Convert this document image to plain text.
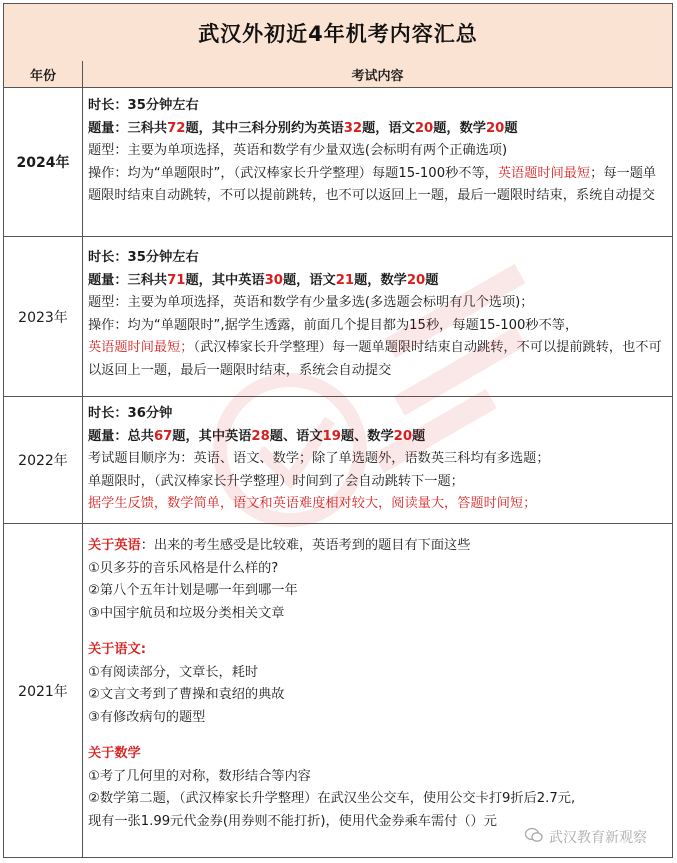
武汉外初近4年机考内容汇总
年份	考试内容
2024年

时长：35分钟左右

题量：三科共72题，其中三科分别约为英语32题，语文20题，数学20题

题型：主要为单项选择，英语和数学有少量双选(会标明有两个正确选项)

操作：均为“单题限时”，（武汉棒家长升学整理）每题15-100秒不等，英语题时间最短；每一题单题限时结束自动跳转，不可以提前跳转，也不可以返回上一题，最后一题限时结束，系统自动提交

2023年

时长：35分钟左右

题量：三科共71题，其中英语30题，语文21题，数学20题

题型：主要为单项选择，英语和数学有少量多选(多选题会标明有几个选项)；

操作：均为“单题限时”,据学生透露，前面几个提目都为15秒，每题15-100秒不等，

英语题时间最短；（武汉棒家长升学整理）每一题单题限时结束自动跳转，不可以提前跳转，也不可以返回上一题，最后一题限时结束，系统会自动提交

2022年

时长：36分钟

题量：总共67题，其中英语28题、语文19题、数学20题

考试题目顺序为：英语、语文、数学；除了单选题外，语数英三科均有多选题；

单题限时，（武汉棒家长升学整理）时间到了会自动跳转下一题；

据学生反馈，数学简单，语文和英语难度相对较大，阅读量大，答题时间短；

2021年

关于英语：出来的考生感受是比较难，英语考到的题目有下面这些

①贝多芬的音乐风格是什么样的?

②第八个五年计划是哪一年到哪一年

③中国宇航员和垃圾分类相关文章

关于语文:

①有阅读部分，文章长，耗时

②文言文考到了曹操和袁绍的典故

③有修改病句的题型

关于数学

①考了几何里的对称，数形结合等内容

②数学第二题，（武汉棒家长升学整理）在武汉坐公交车，使用公交卡打9折后2.7元,

现有一张1.99元代金券(用券则不能打折)，使用代金券乘车需付（）元

武汉教育新观察
